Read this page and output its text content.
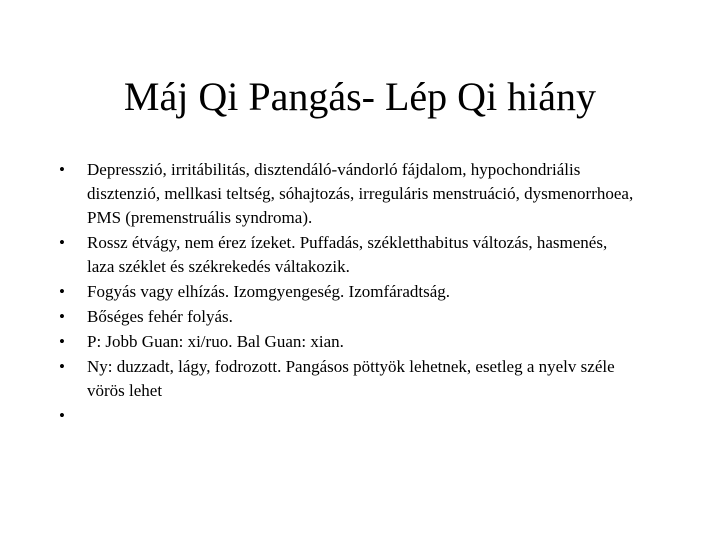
Máj Qi Pangás- Lép Qi hiány
• Depresszió, irritábilitás, disztendáló-vándorló fájdalom, hypochondriális disztenzió, mellkasi teltség, sóhajtozás, irreguláris menstruáció, dysmenorrhoea, PMS (premenstruális syndroma).
• Rossz étvágy, nem érez ízeket. Puffadás, székletthabitus változás, hasmenés, laza széklet és székrekedés váltakozik.
• Fogyás vagy elhízás. Izomgyengeség. Izomfáradtság.
• Bőséges fehér folyás.
• P: Jobb Guan: xi/ruo. Bal Guan: xian.
• Ny: duzzadt, lágy, fodrozott. Pangásos pöttyök lehetnek, esetleg a nyelv széle vörös lehet
•
